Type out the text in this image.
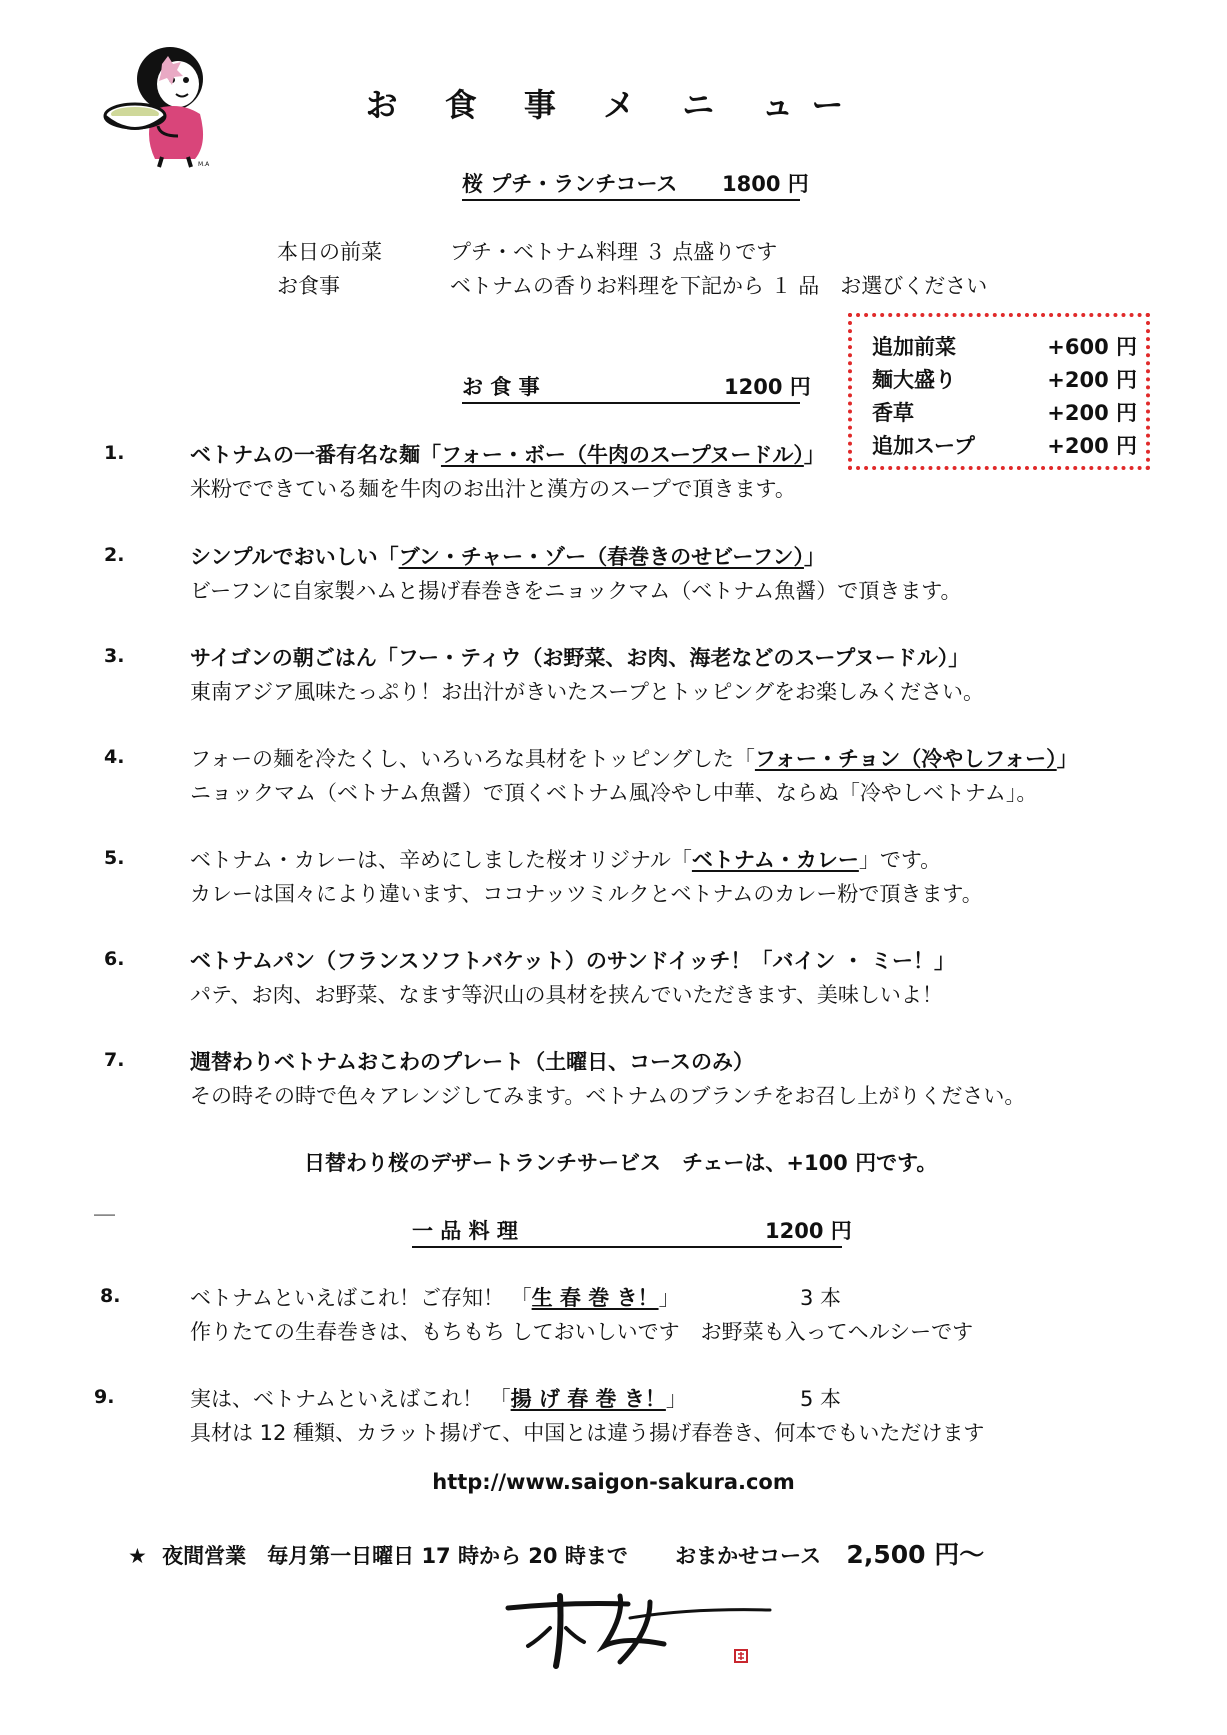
M.A
お 食 事 メ ニ ュー
桜 プチ・ランチコース 1800 円
本日の前菜	プチ・ベトナム料理 ３ 点盛りです
お食事	ベトナムの香りお料理を下記から １ 品　お選びください
追加前菜	+600 円
麺大盛り	+200 円
香草	+200 円
追加スープ	+200 円
お 食 事	1200 円
1.	ベトナムの一番有名な麺「フォー・ボー（牛肉のスープヌードル）」
米粉でできている麺を牛肉のお出汁と漢方のスープで頂きます。
2.	シンプルでおいしい「ブン・チャー・ゾー（春巻きのせビーフン）」
ビーフンに自家製ハムと揚げ春巻きをニョックマム（ベトナム魚醤）で頂きます。
3.	サイゴンの朝ごはん「フー・ティウ（お野菜、お肉、海老などのスープヌードル）」
東南アジア風味たっぷり！お出汁がきいたスープとトッピングをお楽しみください。
4.	フォーの麺を冷たくし、いろいろな具材をトッピングした「フォー・チョン（冷やしフォー）」
ニョックマム（ベトナム魚醤）で頂くベトナム風冷やし中華、ならぬ「冷やしベトナム」。
5.	ベトナム・カレーは、辛めにしました桜オリジナル「ベトナム・カレー」です。
カレーは国々により違います、ココナッツミルクとベトナムのカレー粉で頂きます。
6.	ベトナムパン（フランスソフトバケット）のサンドイッチ！「バイン ・ ミー！」
パテ、お肉、お野菜、なます等沢山の具材を挟んでいただきます、美味しいよ！
7.	週替わりベトナムおこわのプレート（土曜日、コースのみ）
その時その時で色々アレンジしてみます。ベトナムのブランチをお召し上がりください。
日替わり桜のデザートランチサービス　チェーは、+100 円です。
＿
一 品 料 理	1200 円
8.	ベトナムといえばこれ！ご存知！ 「生 春 巻 き！」	3 本
作りたての生春巻きは、もちもち しておいしいです　お野菜も入ってヘルシーです
9.	実は、ベトナムといえばこれ！ 「揚 げ 春 巻 き！」	5 本
具材は 12 種類、カラット揚げて、中国とは違う揚げ春巻き、何本でもいただけます
http://www.saigon-sakura.com
★ 夜間営業　毎月第一日曜日 17 時から 20 時まで おまかせコース 2,500 円〜
